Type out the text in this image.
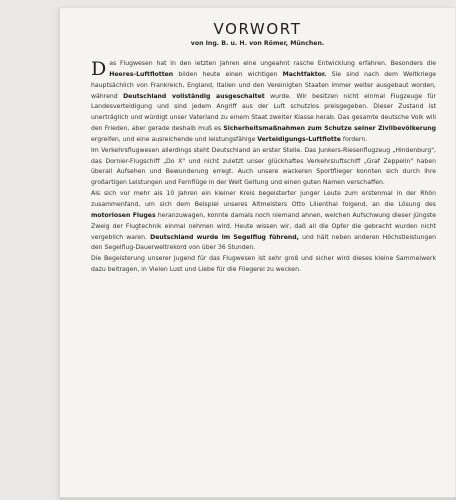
VORWORT
von Ing. B. u. H. von Römer, München.

Das Flugwesen hat in den letzten Jahren eine ungeahnt rasche Entwicklung erfahren. Besonders die Heeres-Luftflotten bilden heute einen wichtigen Machtfaktor. Sie sind nach dem Weltkriege hauptsächlich von Frankreich, England, Italien und den Vereinigten Staaten immer weiter ausgebaut worden, während Deutschland vollständig ausgeschaltet wurde. Wir besitzen nicht einmal Flugzeuge für Landesverteidigung und sind jedem Angriff aus der Luft schutzlos preisgegeben. Dieser Zustand ist unerträglich und würdigt unser Vaterland zu einem Staat zweiter Klasse herab. Das gesamte deutsche Volk will den Frieden, aber gerade deshalb muß es Sicherheitsmaßnahmen zum Schutze seiner Zivilbevölkerung ergreifen, und eine ausreichende und leistungsfähige Verteidigungs-Luftflotte fordern.

Im Verkehrsflugwesen allerdings steht Deutschland an erster Stelle. Das Junkers-Riesenflugzeug „Hindenburg", das Dornier-Flugschiff „Do X" und nicht zuletzt unser glückhaftes Verkehrsluftschiff „Graf Zeppelin" haben überall Aufsehen und Bewunderung erregt. Auch unsere wackeren Sportflieger konnten sich durch ihre großartigen Leistungen und Fernflüge in der Welt Geltung und einen guten Namen verschaffen.

Als sich vor mehr als 10 Jahren ein kleiner Kreis begeisterter junger Leute zum erstenmal in der Rhön zusammenfand, um sich dem Beispiel unseres Altmeisters Otto Lilienthal folgend, an die Lösung des motorlosen Fluges heranzuwagen, konnte damals noch niemand ahnen, welchen Aufschwung dieser jüngste Zweig der Flugtechnik einmal nehmen wird. Heute wissen wir, daß all die Opfer die gebracht wurden nicht vergeblich waren. Deutschland wurde im Segelflug führend, und hält neben anderen Höchstleistungen den Segelflug-Dauerweltrekord von über 36 Stunden.

Die Begeisterung unserer Jugend für das Flugwesen ist sehr groß und sicher wird dieses kleine Sammelwerk dazu beitragen, in Vielen Lust und Liebe für die Fliegerei zu wecken.
